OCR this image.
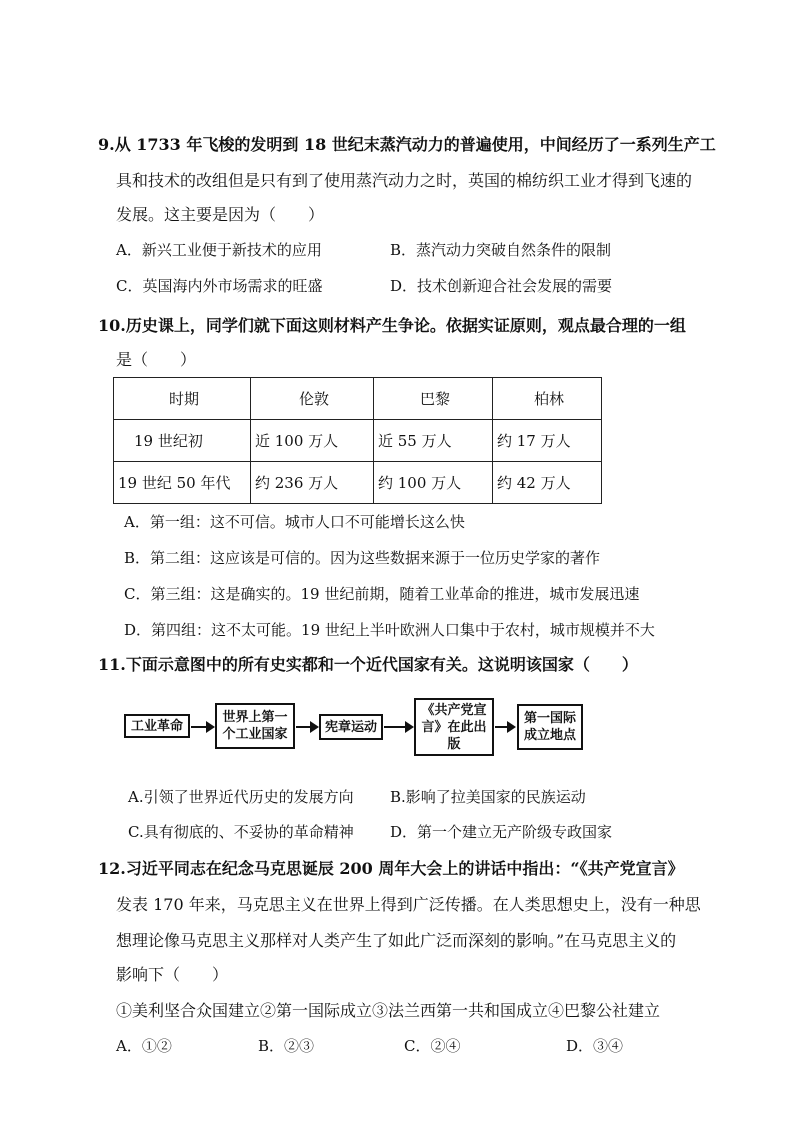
9.从 1733 年飞梭的发明到 18 世纪末蒸汽动力的普遍使用，中间经历了一系列生产工
具和技术的改组但是只有到了使用蒸汽动力之时，英国的棉纺织工业才得到飞速的
发展。这主要是因为（　　）
A．新兴工业便于新技术的应用	B．蒸汽动力突破自然条件的限制
C．英国海内外市场需求的旺盛	D．技术创新迎合社会发展的需要
10.历史课上，同学们就下面这则材料产生争论。依据实证原则，观点最合理的一组
是（　　）
时期	伦敦	巴黎	柏林
19 世纪初	近 100 万人	近 55 万人	约 17 万人
19 世纪 50 年代	约 236 万人	约 100 万人	约 42 万人
A．第一组：这不可信。城市人口不可能增长这么快
B．第二组：这应该是可信的。因为这些数据来源于一位历史学家的著作
C．第三组：这是确实的。19 世纪前期，随着工业革命的推进，城市发展迅速
D．第四组：这不太可能。19 世纪上半叶欧洲人口集中于农村，城市规模并不大
11.下面示意图中的所有史实都和一个近代国家有关。这说明该国家（　　）
工业革命
世界上第一
个工业国家	宪章运动
《共产党宣
言》在此出
版
第一国际
成立地点
A.引领了世界近代历史的发展方向 B.影响了拉美国家的民族运动
C.具有彻底的、不妥协的革命精神 D．第一个建立无产阶级专政国家
12.习近平同志在纪念马克思诞辰 200 周年大会上的讲话中指出：“《共产党宣言》
发表 170 年来，马克思主义在世界上得到广泛传播。在人类思想史上，没有一种思
想理论像马克思主义那样对人类产生了如此广泛而深刻的影响。”在马克思主义的
影响下（　　）
①美利坚合众国建立②第一国际成立③法兰西第一共和国成立④巴黎公社建立
A．①②	B．②③	C．②④	D．③④
